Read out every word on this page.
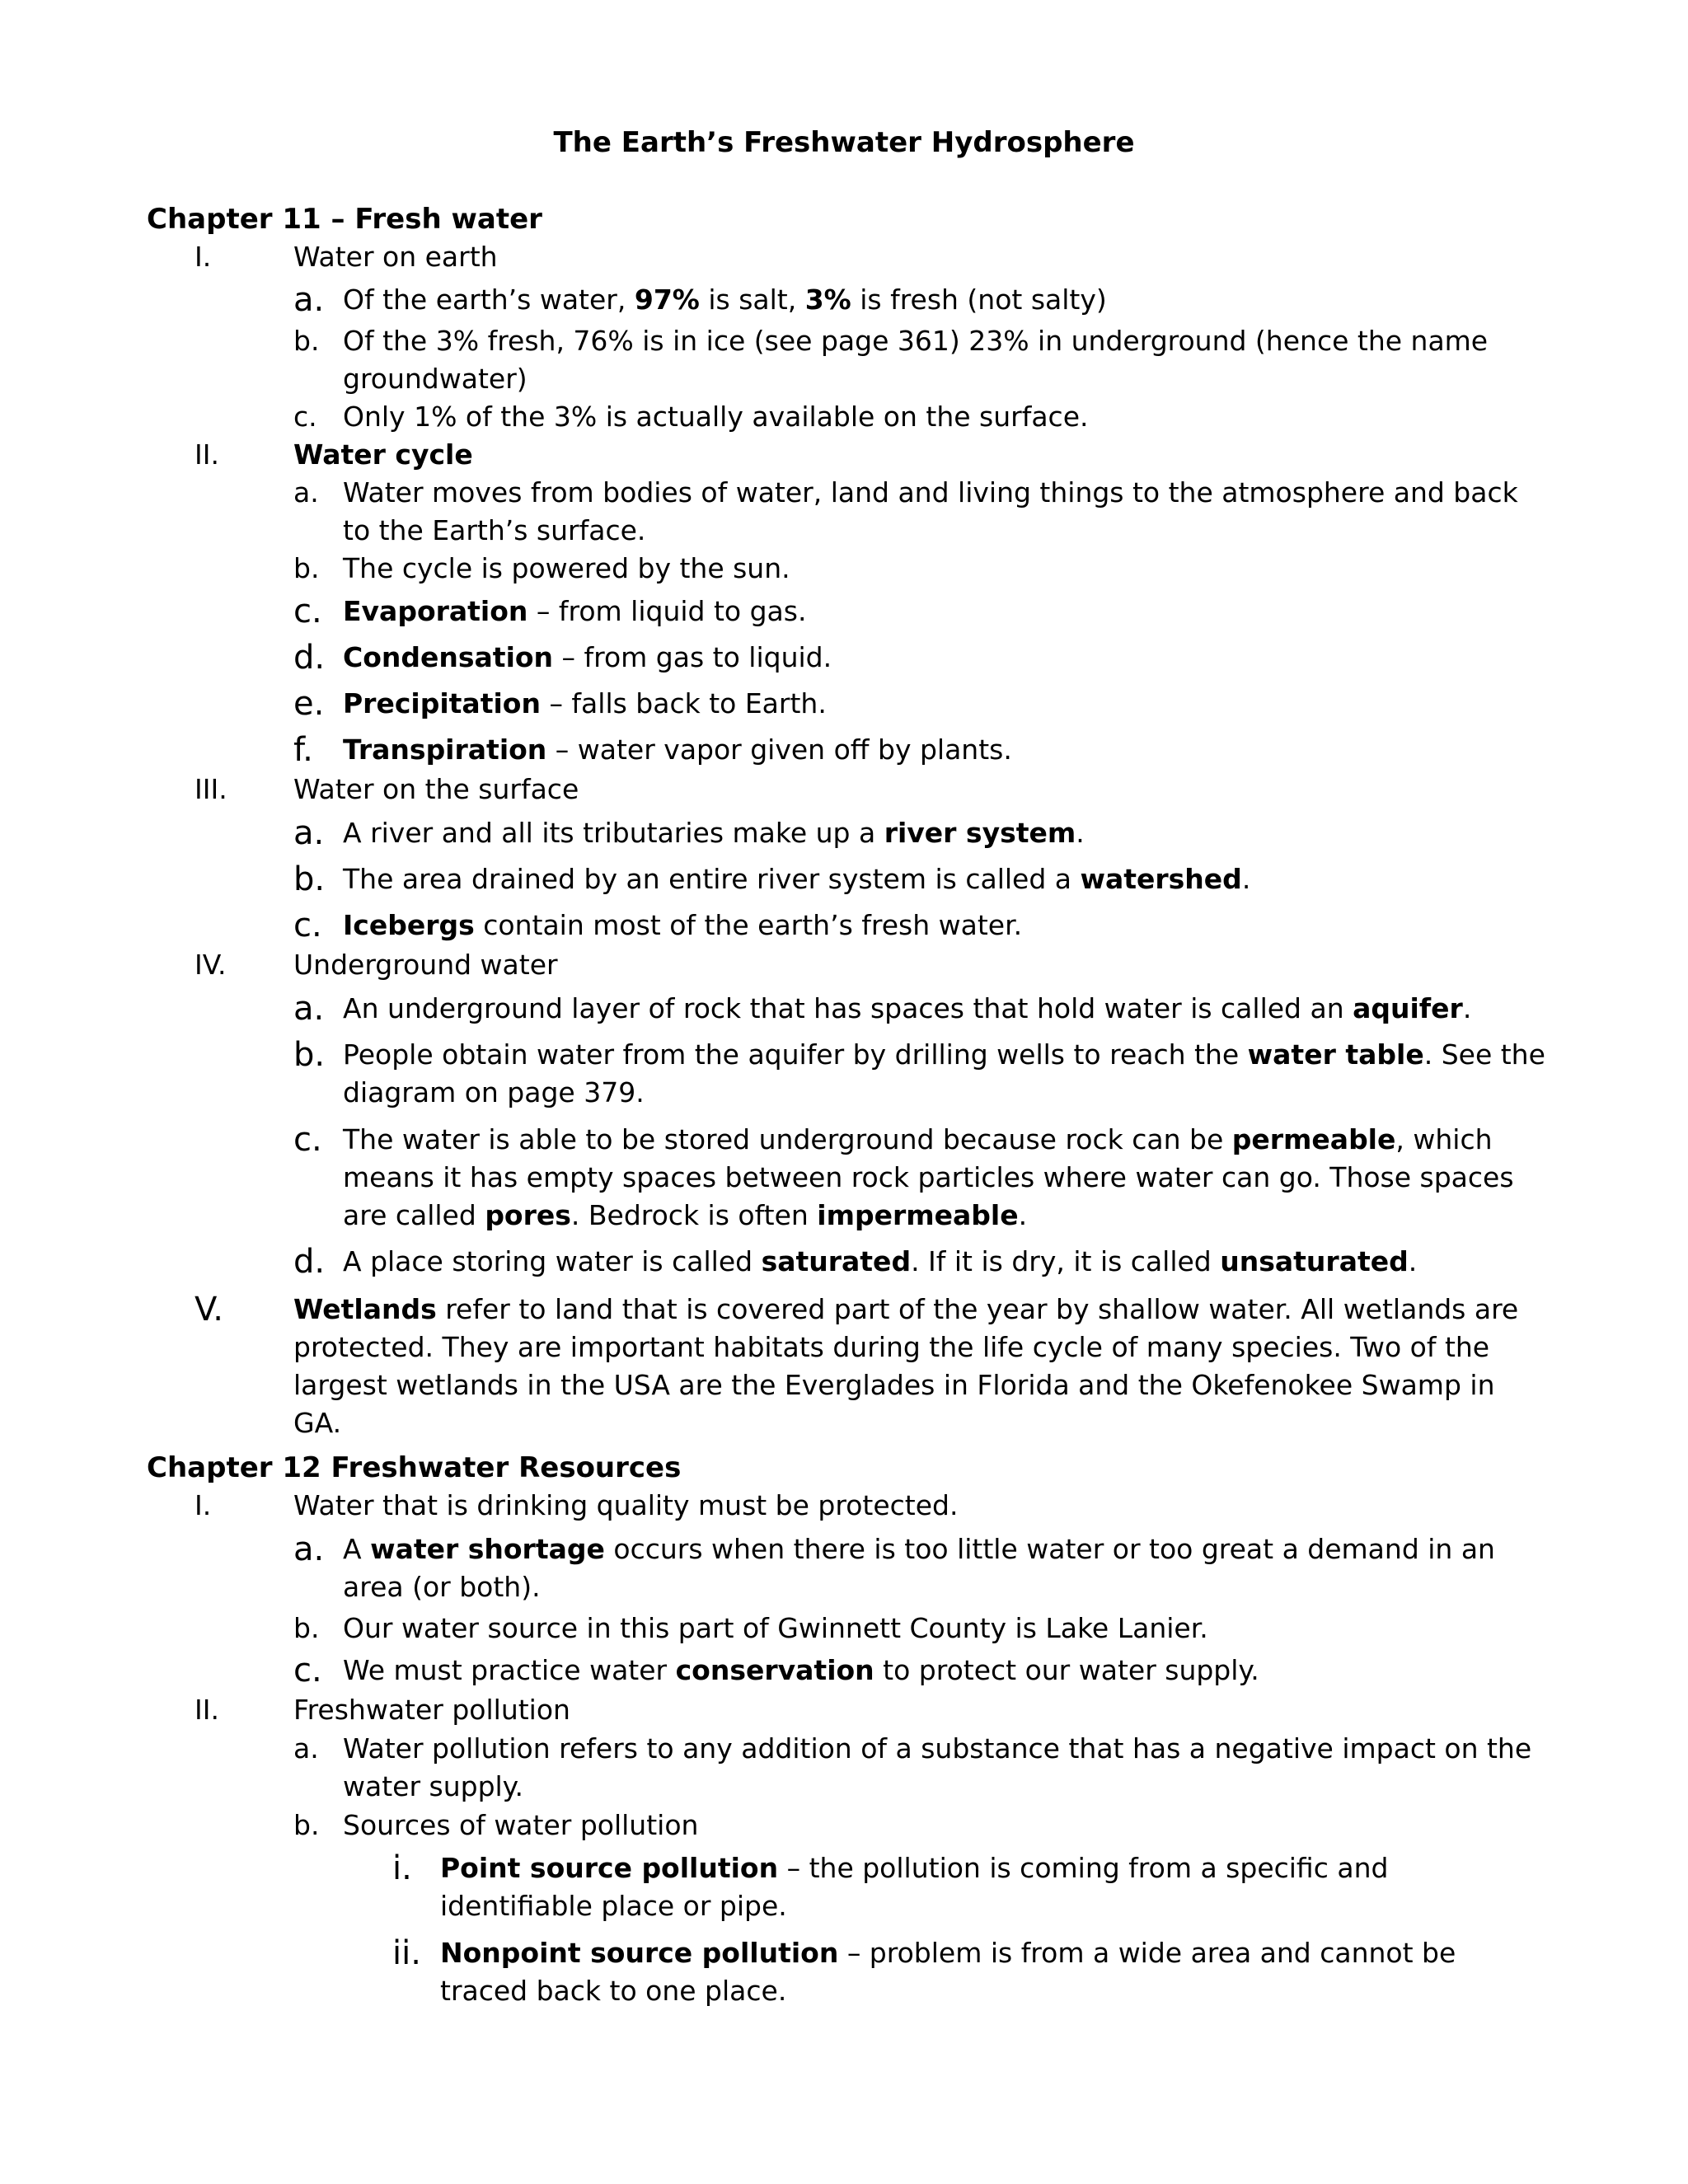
The Earth’s Freshwater Hydrosphere
Chapter 11 – Fresh water
I.	Water on earth
a. Of the earth’s water, 97% is salt, 3% is fresh (not salty)
b. Of the 3% fresh, 76% is in ice (see page 361) 23% in underground (hence the name groundwater)
c. Only 1% of the 3% is actually available on the surface.
II.	Water cycle
a. Water moves from bodies of water, land and living things to the atmosphere and back to the Earth’s surface.
b. The cycle is powered by the sun.
c. Evaporation – from liquid to gas.
d. Condensation – from gas to liquid.
e. Precipitation – falls back to Earth.
f. Transpiration – water vapor given off by plants.
III. Water on the surface
a. A river and all its tributaries make up a river system.
b. The area drained by an entire river system is called a watershed.
c. Icebergs contain most of the earth’s fresh water.
IV. Underground water
a. An underground layer of rock that has spaces that hold water is called an aquifer.
b. People obtain water from the aquifer by drilling wells to reach the water table. See the diagram on page 379.
c. The water is able to be stored underground because rock can be permeable, which means it has empty spaces between rock particles where water can go. Those spaces are called pores. Bedrock is often impermeable.
d. A place storing water is called saturated. If it is dry, it is called unsaturated.
V.	Wetlands refer to land that is covered part of the year by shallow water. All wetlands are protected. They are important habitats during the life cycle of many species. Two of the largest wetlands in the USA are the Everglades in Florida and the Okefenokee Swamp in GA.
Chapter 12 Freshwater Resources
I.	Water that is drinking quality must be protected.
a. A water shortage occurs when there is too little water or too great a demand in an area (or both).
b. Our water source in this part of Gwinnett County is Lake Lanier.
c. We must practice water conservation to protect our water supply.
II.	Freshwater pollution
a. Water pollution refers to any addition of a substance that has a negative impact on the water supply.
b. Sources of water pollution
i. Point source pollution – the pollution is coming from a specific and identifiable place or pipe.
ii. Nonpoint source pollution – problem is from a wide area and cannot be traced back to one place.
